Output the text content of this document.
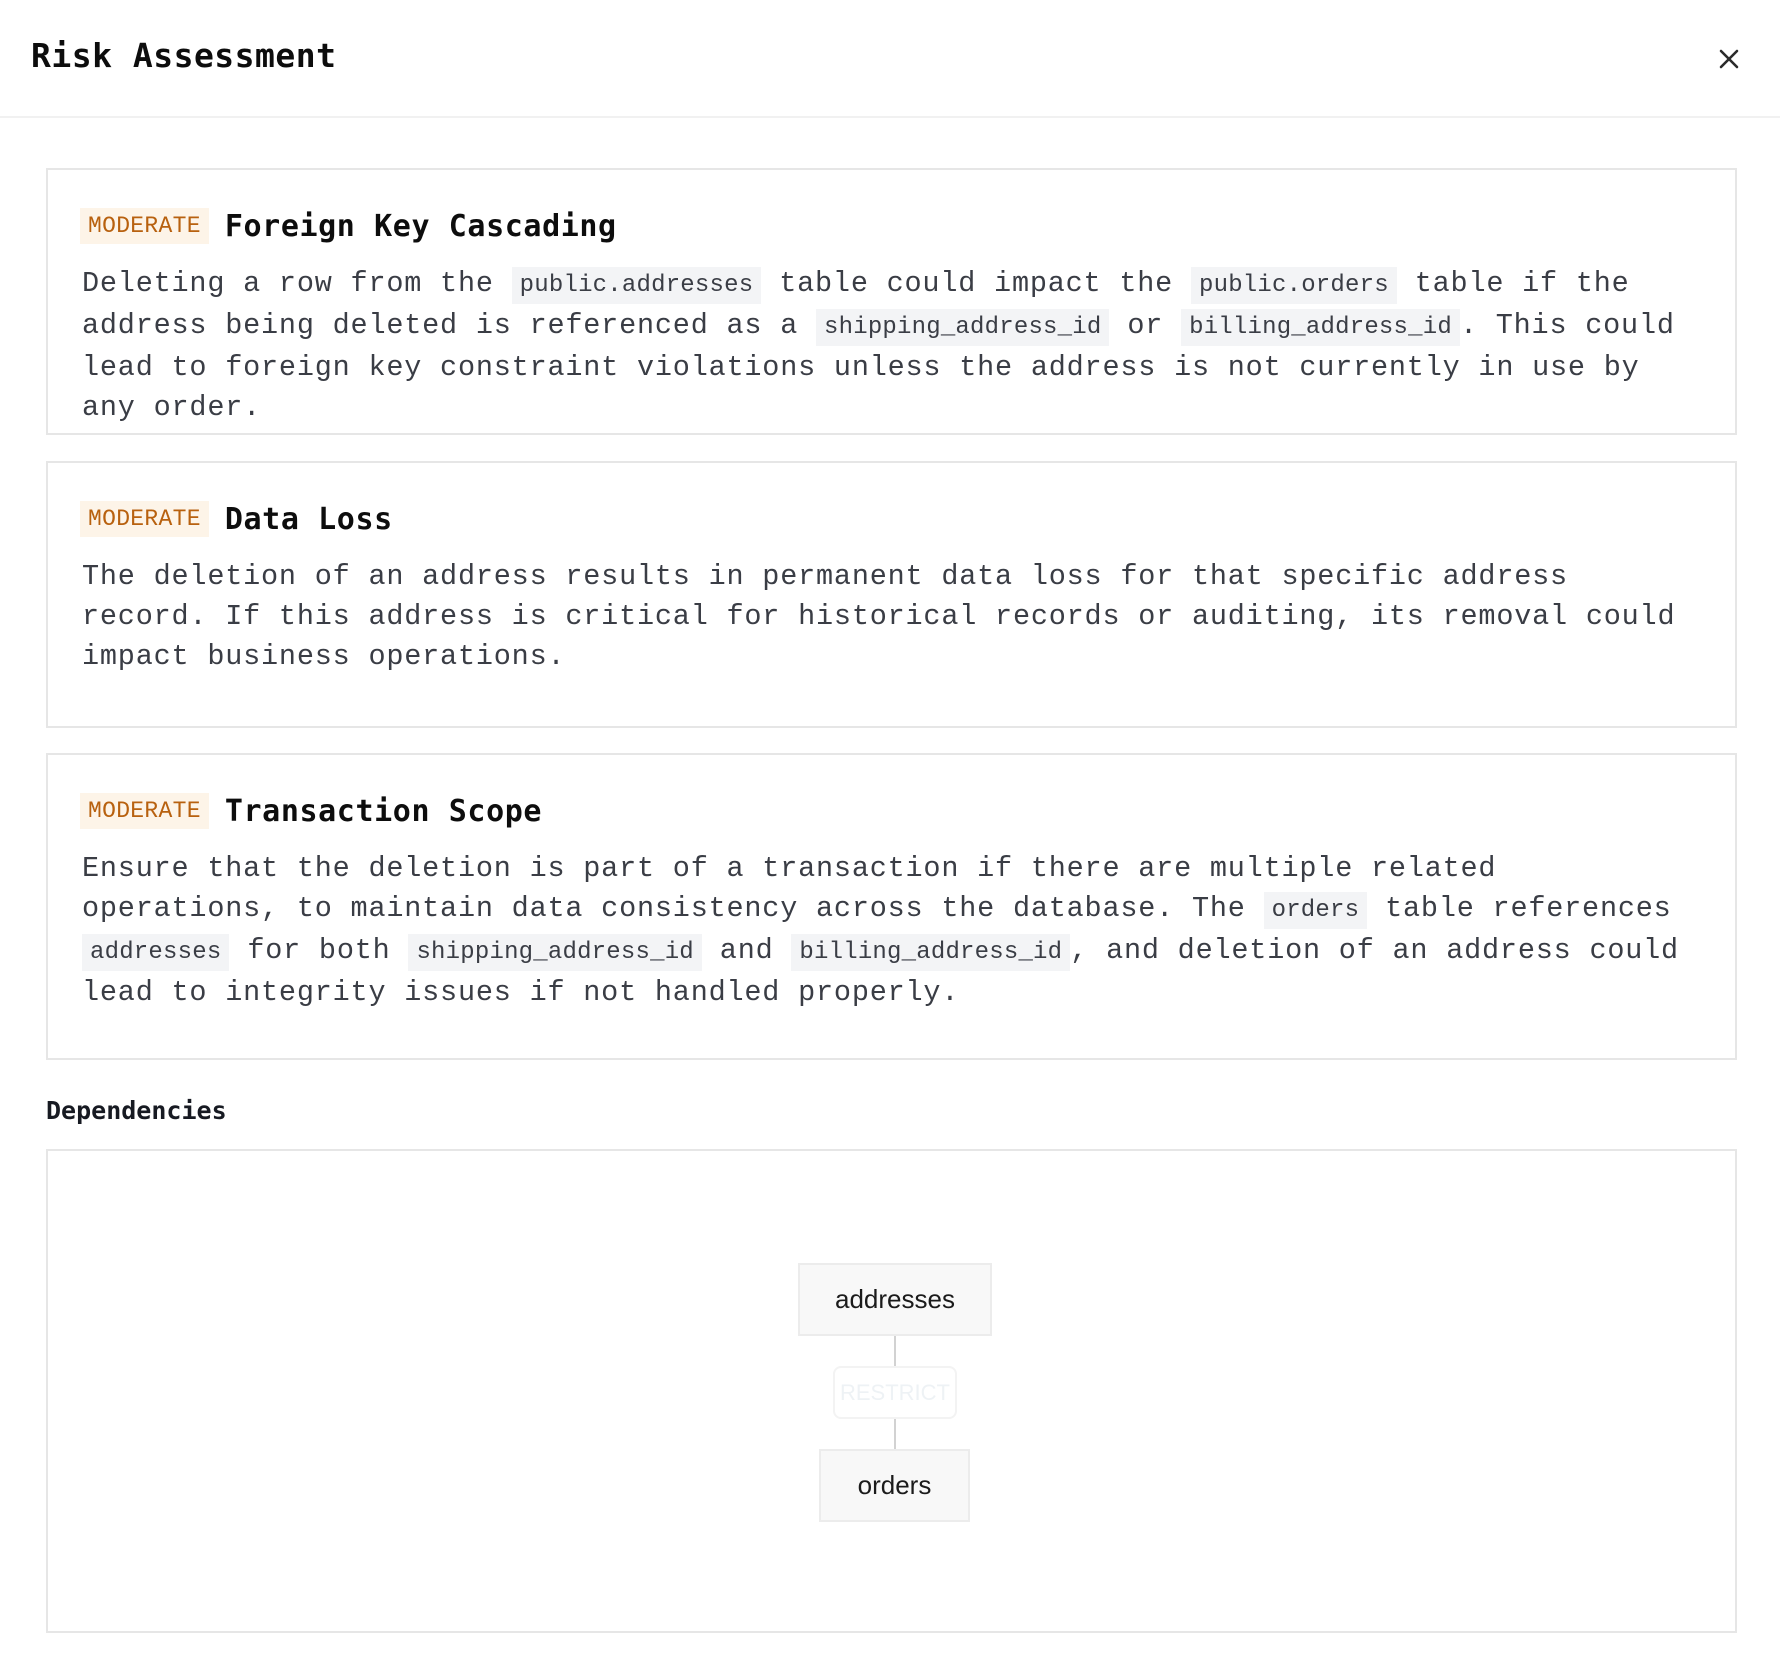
Risk Assessment
MODERATE Foreign Key Cascading
Deleting a row from the public.addresses table could impact the public.orders table if the address being deleted is referenced as a shipping_address_id or billing_address_id . This could lead to foreign key constraint violations unless the address is not currently in use by any order.
MODERATE Data Loss
The deletion of an address results in permanent data loss for that specific address record. If this address is critical for historical records or auditing, its removal could impact business operations.
MODERATE Transaction Scope
Ensure that the deletion is part of a transaction if there are multiple related operations, to maintain data consistency across the database. The orders table references addresses for both shipping_address_id and billing_address_id , and deletion of an address could lead to integrity issues if not handled properly.
Dependencies
addresses
RESTRICT
orders
